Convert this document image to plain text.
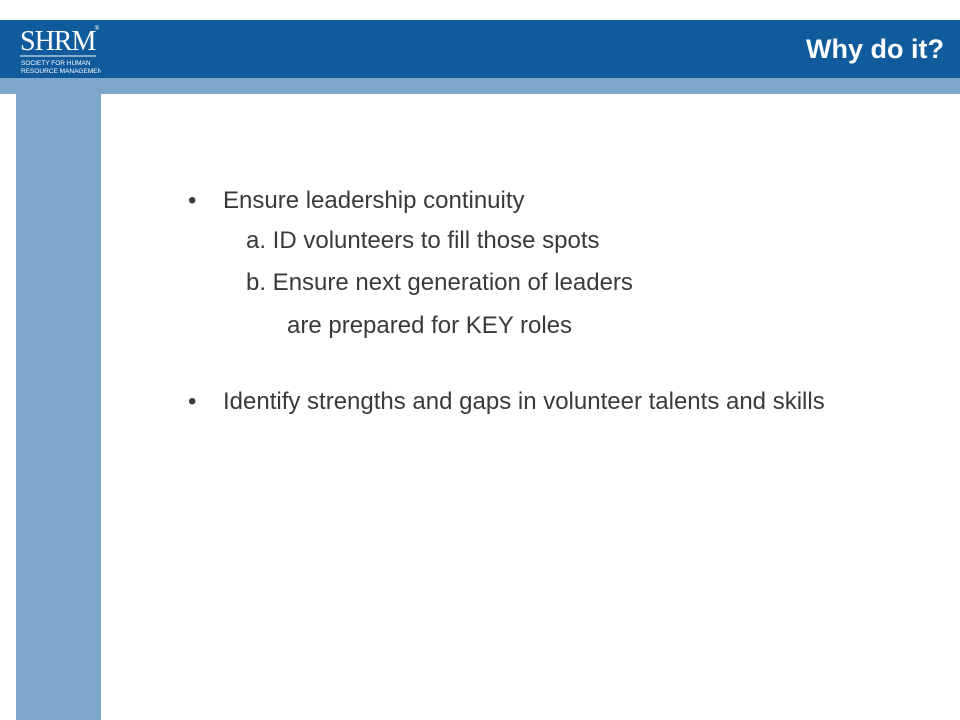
SHRM ®
SOCIETY FOR HUMAN
RESOURCE MANAGEMENT
Why do it?
• Ensure leadership continuity
a. ID volunteers to fill those spots
b. Ensure next generation of leaders
are prepared for KEY roles
• Identify strengths and gaps in volunteer talents and skills
